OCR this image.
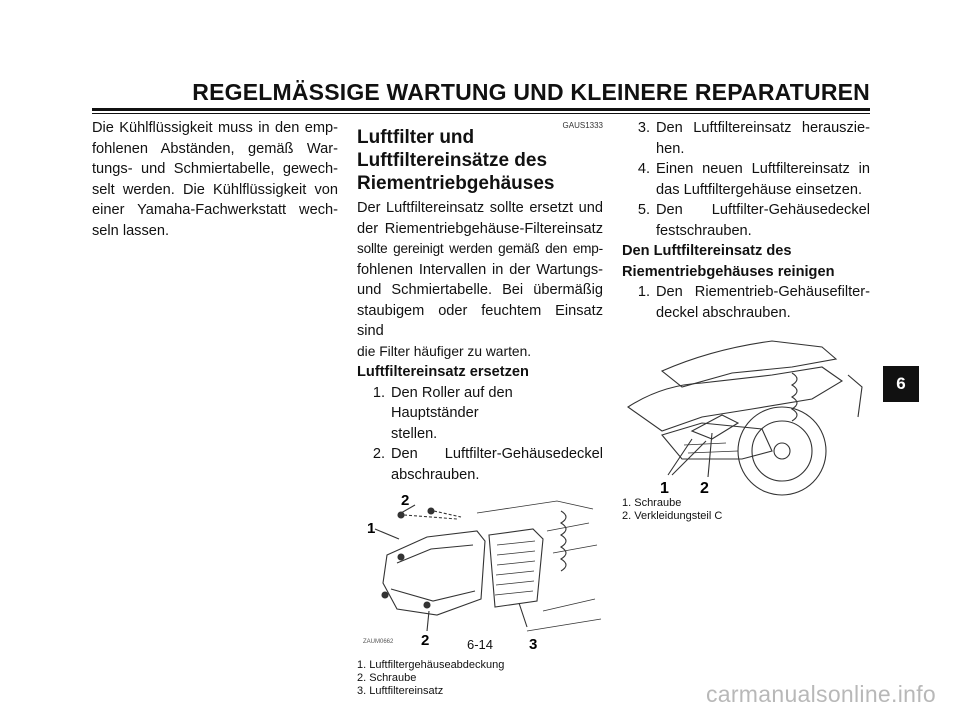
REGELMÄSSIGE WARTUNG UND KLEINERE REPARATUREN
Die Kühlflüssigkeit muss in den emp-
fohlenen Abständen, gemäß War-
tungs- und Schmiertabelle, gewech-
selt werden. Die Kühlflüssigkeit von
einer Yamaha-Fachwerkstatt wech-
seln lassen.
GAUS1333
Luftfilter und
Luftfiltereinsätze des
Riementriebgehäuses
Der Luftfiltereinsatz sollte ersetzt und
der Riementriebgehäuse-Filtereinsatz
sollte gereinigt werden gemäß den emp-
fohlenen Intervallen in der Wartungs-
und Schmiertabelle. Bei übermäßig
staubigem oder feuchtem Einsatz sind
die Filter häufiger zu warten.
Luftfiltereinsatz ersetzen
1. Den Roller auf den Hauptständer
stellen.
2. Den Luftfilter-Gehäusedeckel
abschrauben.
1
2
2	3
ZAUM0662
1. Luftfiltergehäuseabdeckung
2. Schraube
3. Luftfiltereinsatz
3. Den Luftfiltereinsatz herauszie-
hen.
4. Einen neuen Luftfiltereinsatz in
das Luftfiltergehäuse einsetzen.
5. Den Luftfilter-Gehäusedeckel
festschrauben.
Den Luftfiltereinsatz des
Riementriebgehäuses reinigen
1. Den Riementrieb-Gehäusefilter-
deckel abschrauben.
1 2
1. Schraube
2. Verkleidungsteil C
6
6-14
carmanualsonline.info
